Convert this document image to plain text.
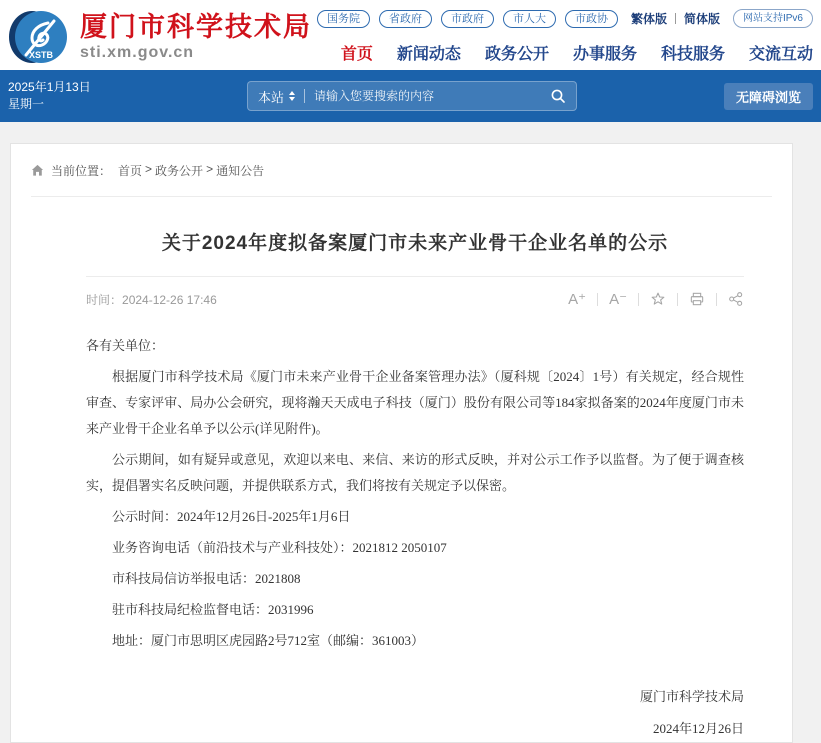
XSTB
厦门市科学技术局
sti.xm.gov.cn
国务院	省政府	市政府	市人大	市政协	繁体版 简体版	网站支持IPv6
首页 新闻动态 政务公开 办事服务 科技服务 交流互动
2025年1月13日
星期一	本站
请输入您要搜索的内容	无障碍浏览
当前位置： 首页 > 政务公开 > 通知公告
关于2024年度拟备案厦门市未来产业骨干企业名单的公示
时间：2024-12-26 17:46	A⁺ A⁻

各有关单位：

根据厦门市科学技术局《厦门市未来产业骨干企业备案管理办法》（厦科规〔2024〕1号）有关规定，经合规性审查、专家评审、局办公会研究，现将瀚天天成电子科技（厦门）股份有限公司等184家拟备案的2024年度厦门市未来产业骨干企业名单予以公示(详见附件)。

公示期间，如有疑异或意见，欢迎以来电、来信、来访的形式反映，并对公示工作予以监督。为了便于调查核实，提倡署实名反映问题，并提供联系方式，我们将按有关规定予以保密。

公示时间：2024年12月26日-2025年1月6日

业务咨询电话（前沿技术与产业科技处）：2021812 2050107

市科技局信访举报电话：2021808

驻市科技局纪检监督电话：2031996

地址：厦门市思明区虎园路2号712室（邮编：361003）

厦门市科学技术局
2024年12月26日
